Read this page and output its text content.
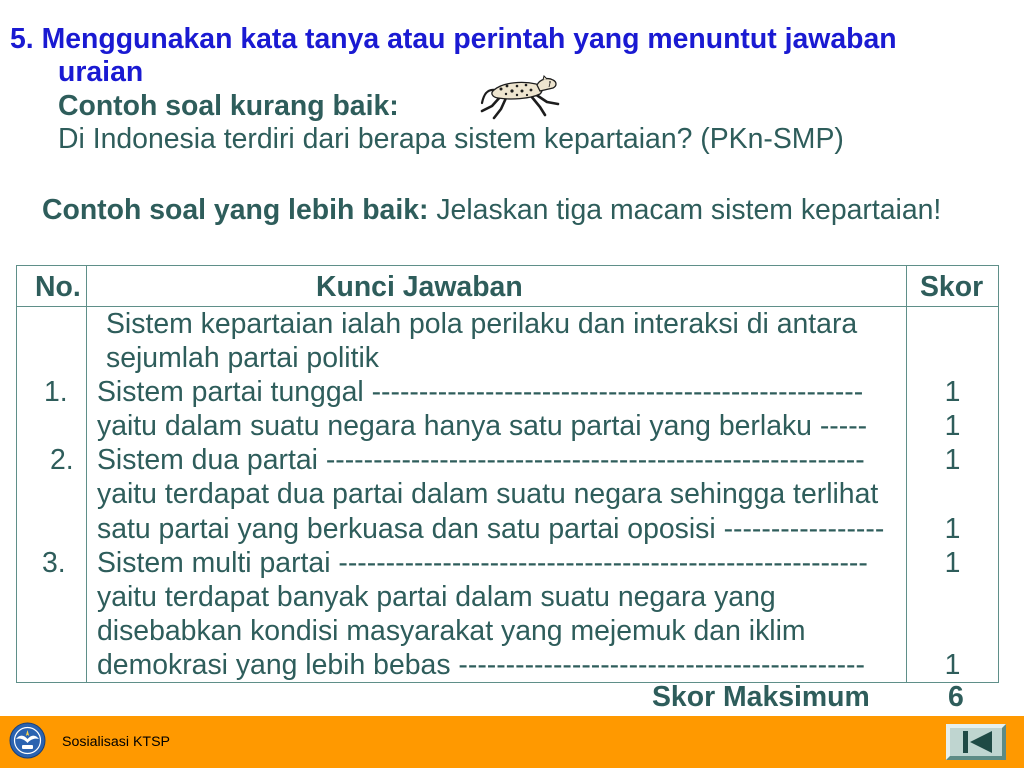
5. Menggunakan kata tanya atau perintah yang menuntut jawaban
uraian
Contoh soal kurang baik:
Di Indonesia terdiri dari berapa sistem kepartaian? (PKn-SMP)
Contoh soal yang lebih baik: Jelaskan tiga macam sistem kepartaian!
No.	Kunci Jawaban	Skor
Sistem kepartaian ialah pola perilaku dan interaksi di antara
sejumlah partai politik
1.	Sistem partai tunggal ----------------------------------------------------	1
yaitu dalam suatu negara hanya satu partai yang berlaku -----	1
2. Sistem dua partai ---------------------------------------------------------	1
yaitu terdapat dua partai dalam suatu negara sehingga terlihat
satu partai yang berkuasa dan satu partai oposisi -----------------	1
3.	Sistem multi partai --------------------------------------------------------	1
yaitu terdapat banyak partai dalam suatu negara yang
disebabkan kondisi masyarakat yang mejemuk dan iklim
demokrasi yang lebih bebas -------------------------------------------	1
Skor Maksimum	6
Sosialisasi KTSP
